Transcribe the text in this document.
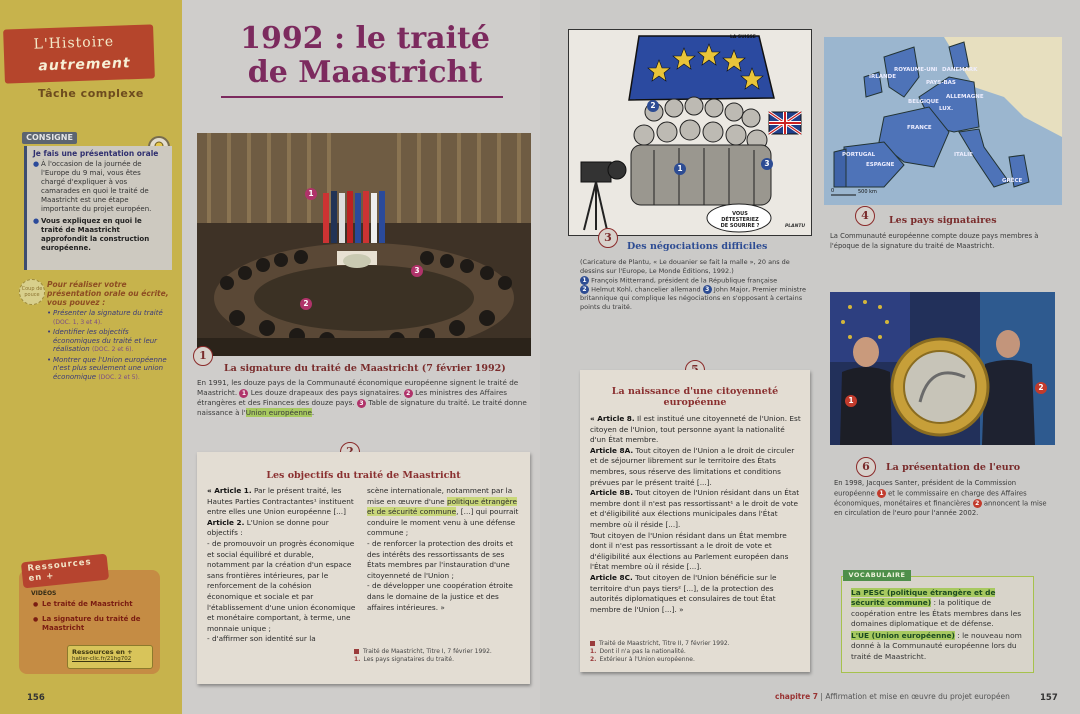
L'Histoire
autrement
Tâche complexe
CONSIGNE
Je fais une présentation orale
● À l'occasion de la journée de l'Europe du 9 mai, vous êtes chargé d'expliquer à vos camarades en quoi le traité de Maastricht est une étape importante du projet européen.
● Vous expliquez en quoi le traité de Maastricht approfondit la construction européenne.
Coup de pouce
Pour réaliser votre présentation orale ou écrite, vous pouvez :
• Présenter la signature du traité (DOC. 1, 3 et 4).
• Identifier les objectifs économiques du traité et leur réalisation (DOC. 2 et 6).
• Montrer que l'Union européenne n'est plus seulement une union économique (DOC. 2 et 5).
VIDÉOS
● Le traité de Maastricht
● La signature du traité de Maastricht
Ressources en +
hatier-clic.fr/21hg702
Ressources en +
156
1992 : le traité
de Maastricht
1
2
3
1
La signature du traité de Maastricht (7 février 1992)
En 1991, les douze pays de la Communauté économique européenne signent le traité de Maastricht. 1 Les douze drapeaux des pays signataires. 2 Les ministres des Affaires étrangères et des Finances des douze pays. 3 Table de signature du traité. Le traité donne naissance à l'Union européenne.
Les objectifs du traité de Maastricht
« Article 1. Par le présent traité, les Hautes Parties Contractantes¹ instituent entre elles une Union européenne [...]
Article 2. L'Union se donne pour objectifs :
- de promouvoir un progrès économique et social équilibré et durable, notamment par la création d'un espace sans frontières intérieures, par le renforcement de la cohésion économique et sociale et par l'établissement d'une union économique et monétaire comportant, à terme, une monnaie unique ;
- d'affirmer son identité sur la
scène internationale, notamment par la mise en œuvre d'une politique étrangère et de sécurité commune, [...] qui pourrait conduire le moment venu à une défense commune ;
- de renforcer la protection des droits et des intérêts des ressortissants de ses États membres par l'instauration d'une citoyenneté de l'Union ;
- de développer une coopération étroite dans le domaine de la justice et des affaires intérieures. »
Traité de Maastricht, Titre I, 7 février 1992.
1. Les pays signataires du traité.
2
1
3
VOUS DÉTESTERIEZ DE SOURIRE ?
LA SUISSE
PLANTU
3
Des négociations difficiles
(Caricature de Plantu, « Le douanier se fait la malle », 20 ans de dessins sur l'Europe, Le Monde Éditions, 1992.)
1 François Mitterrand, président de la République française
2 Helmut Kohl, chancelier allemand 3 John Major, Premier ministre britannique qui complique les négociations en s'opposant à certains points du traité.
0	500 km
ROYAUME-UNI DANEMARK
IRLANDE
PAYS-BAS
BELGIQUE
LUX.
ALLEMAGNE
FRANCE
PORTUGAL
ESPAGNE
ITALIE
GRÈCE
4	Les pays signataires
La Communauté européenne compte douze pays membres à l'époque de la signature du traité de Maastricht.
La naissance d'une citoyenneté européenne
« Article 8. Il est institué une citoyenneté de l'Union. Est citoyen de l'Union, tout personne ayant la nationalité d'un État membre.
Article 8A. Tout citoyen de l'Union a le droit de circuler et de séjourner librement sur le territoire des États membres, sous réserve des limitations et conditions prévues par le présent traité [...].
Article 8B. Tout citoyen de l'Union résidant dans un État membre dont il n'est pas ressortissant¹ a le droit de vote et d'éligibilité aux élections municipales dans l'État membre où il réside [...].
Tout citoyen de l'Union résidant dans un État membre dont il n'est pas ressortissant a le droit de vote et d'éligibilité aux élections au Parlement européen dans l'État membre où il réside [...].
Article 8C. Tout citoyen de l'Union bénéficie sur le territoire d'un pays tiers² [...], de la protection des autorités diplomatiques et consulaires de tout État membre de l'Union [...]. »
Traité de Maastricht, Titre II, 7 février 1992.
1. Dont il n'a pas la nationalité.
2. Extérieur à l'Union européenne.
1
2
6	La présentation de l'euro
En 1998, Jacques Santer, président de la Commission européenne 1 et le commissaire en charge des Affaires économiques, monétaires et financières 2 annoncent la mise en circulation de l'euro pour l'année 2002.
La PESC (politique étrangère et de sécurité commune) : la politique de coopération entre les États membres dans les domaines diplomatique et de défense.
L'UE (Union européenne) : le nouveau nom donné à la Communauté européenne lors du traité de Maastricht.
VOCABULAIRE
chapitre 7 | Affirmation et mise en œuvre du projet européen	157
